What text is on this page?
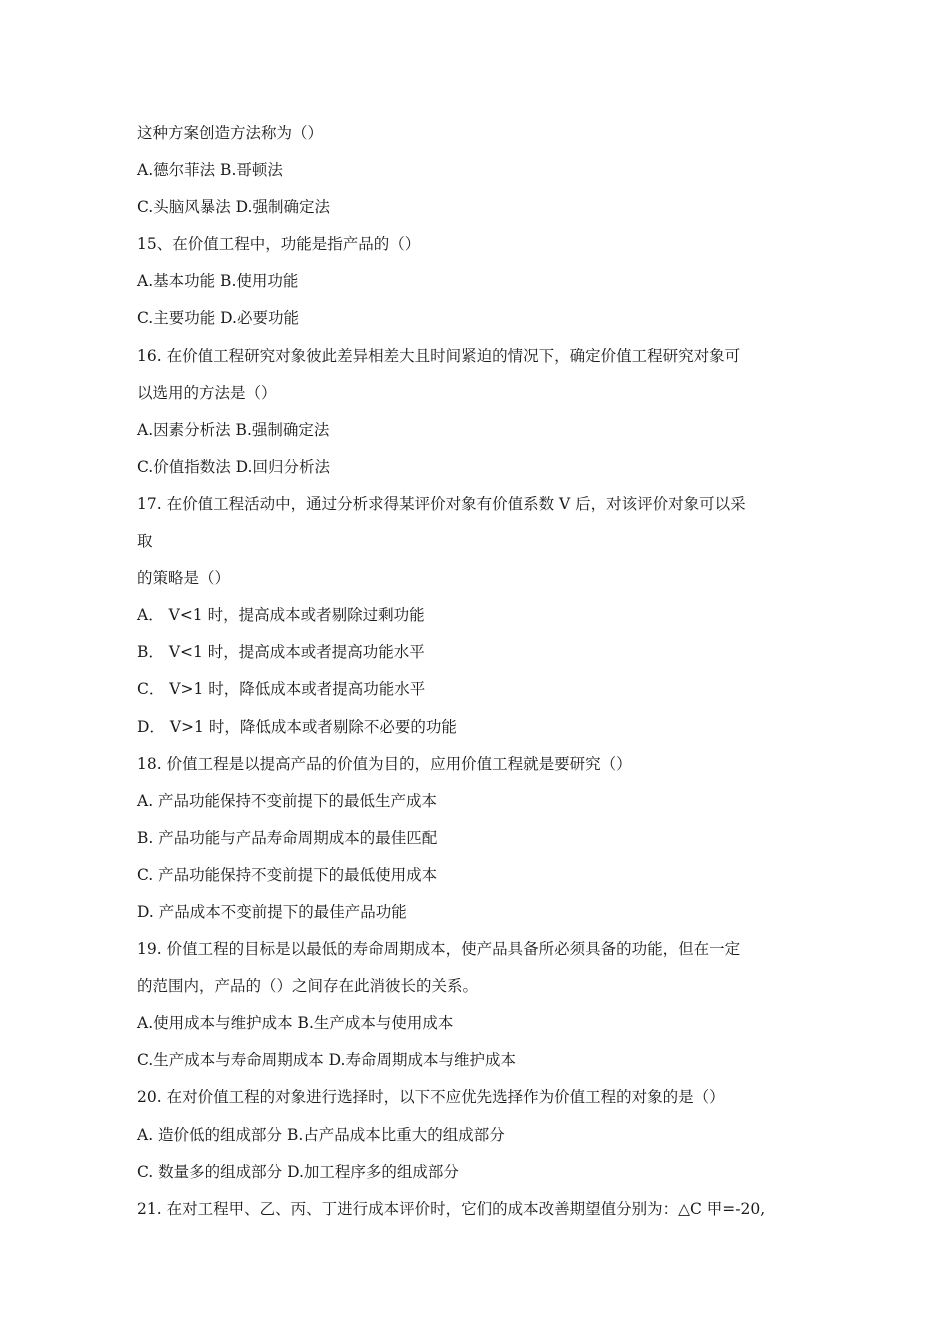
这种方案创造方法称为（）
A.德尔菲法 B.哥顿法
C.头脑风暴法 D.强制确定法
15、在价值工程中，功能是指产品的（）
A.基本功能 B.使用功能
C.主要功能 D.必要功能
16. 在价值工程研究对象彼此差异相差大且时间紧迫的情况下，确定价值工程研究对象可
以选用的方法是（）
A.因素分析法 B.强制确定法
C.价值指数法 D.回归分析法
17. 在价值工程活动中，通过分析求得某评价对象有价值系数 V 后，对该评价对象可以采
取
的策略是（）
A． V<1 时，提高成本或者剔除过剩功能
B． V<1 时，提高成本或者提高功能水平
C． V>1 时，降低成本或者提高功能水平
D． V>1 时，降低成本或者剔除不必要的功能
18. 价值工程是以提高产品的价值为目的，应用价值工程就是要研究（）
A. 产品功能保持不变前提下的最低生产成本
B. 产品功能与产品寿命周期成本的最佳匹配
C. 产品功能保持不变前提下的最低使用成本
D. 产品成本不变前提下的最佳产品功能
19. 价值工程的目标是以最低的寿命周期成本，使产品具备所必须具备的功能，但在一定
的范围内，产品的（）之间存在此消彼长的关系。
A.使用成本与维护成本 B.生产成本与使用成本
C.生产成本与寿命周期成本 D.寿命周期成本与维护成本
20. 在对价值工程的对象进行选择时，以下不应优先选择作为价值工程的对象的是（）
A. 造价低的组成部分 B.占产品成本比重大的组成部分
C. 数量多的组成部分 D.加工程序多的组成部分
21. 在对工程甲、乙、丙、丁进行成本评价时，它们的成本改善期望值分别为：△C 甲=-20,
